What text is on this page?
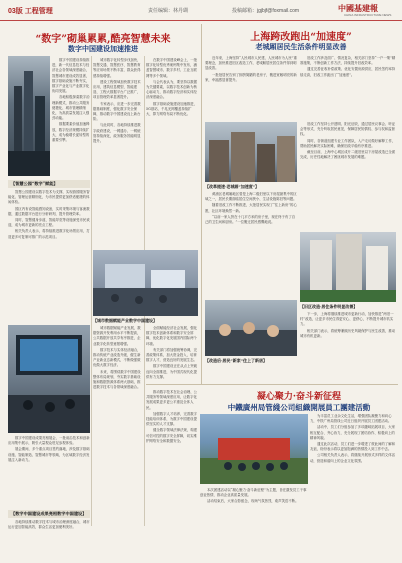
03版 工程管理	责任编辑：林丹瑚	投稿邮箱：jgjbjf@foxmail.com	中國基建報
CHINA INFRASTRUCTURE NEWS
“数字”砌巢累累,酷亮智慧未来
数字中国建设加速推进
上海跨改跑出“加速度”
老城厢居民生活条件明显改善

数字中国建设持续推进，新一代信息技术与经济社会各领域深度融合，智慧城市建设成效显著，数字基础设施不断夯实，数字产业化与产业数字化协同发展。

各地积极探索数字治理新模式，推动公共服务便捷化、城市管理精细化，为高质量发展注入强劲动能。

数据要素价值加速释放，数字经济规模持续扩大，成为稳增长促转型的重要引擎。

城市数字化转型步伐加快，智慧交通、智慧医疗、智慧教育等应用场景不断丰富，群众获得感持续增强。

建设工程领域加快数字技术应用，建筑信息模型、智能建造、工程大数据平台广泛推广，项目管理效率显著提升。

专家表示，应进一步完善数据基础制度，强化数字安全保障，推动数字中国建设迈上新台阶。

与此同时，各地持续推进数字政府建设，一网通办、一网统管持续深化，政务服务效能明显提升。

在数字中国建设峰会上，一批数字化转型优秀案例集中发布，涵盖智慧城市、数字乡村、工业互联网等多个领域。

与会代表认为，要坚持以数据为关键要素，以数字技术创新为核心驱动力，推动数字经济和实体经济深度融合。

数字基础设施建设加速推进，5G基站、千兆光网覆盖持续扩大，算力网络布局不断优化。

【智慧公园“数字”赋能】

智慧公园建设以数字技术为支撑，实现游园服务智能化、管理运营精细化，为市民提供更加舒适便捷的休闲体验。

园区内布设智能感知设备，实时采集环境与客流数据，通过数据平台进行分析研判，提升管理效率。

同时，智慧健身步道、智能导览等设施深受市民欢迎，成为城市更新的亮点工程。

相关负责人表示，将持续推进数字化场景应用，打造更多可复制可推广的示范项目。

【城市数据赋能产业数字中国建设】

城市数据赋能产业发展，数据资源开发利用水平不断提高，公共数据开放共享有序推进，企业数字化转型意愿增强。

数字技术与实体经济融合，推动传统产业改造升级，催生新产业新业态新模式，不断做强做优做大数字经济。

未来，将围绕数字中国建设整体布局规划，夯实数字基础设施和数据资源体系两大基础，推进数字技术与各领域深度融合。

全面赋能经济社会发展，强化数字技术创新体系和数字安全屏障，优化数字化发展国内国际两个环境。

有关部门将加强统筹协调，完善政策体系，加大资金投入，培育数字人才，营造良好的发展生态。

数字中国建设正在从点上突破迈向全面推进，为中国式现代化提供有力支撑。

数字中国建设成果亮相展会，一批前沿技术和创新应用集中展示，吸引大量观众驻足参观体验。

展会期间，多个重点项目签约落地，涉及数字基础设施、智能制造、智慧城市等领域，为区域数字经济发展注入新动力。

【数字中国建设成果亮相数字中国建设】

各地持续推动数字技术与城市治理深度融合，城市运行更加智能高效，群众生活更加便利美好。

近年来，上海坚持“人民城市人民建，人民城市为人民”重要理念，加快推进旧区改造工作，老城厢居民居住条件得到明显改善。

一批批居民告别了拥挤简陋的老房子，搬进宽敞明亮的新家，幸福感显著提升。

旧改工作涉及面广、情况复杂，相关部门坚持“一户一策”精准施策，不断创新工作方法，持续提升旧改效率。

通过完善征收补偿政策、优化安置房源供应，居民签约率持续走高，旧改工作跑出了“加速度”。

【改革提速·老城厢“加速度”】

黄浦区老城厢地区曾是上海二级旧里以下房屋最集中的区域之一，居民长期面临居住空间狭小、生活设施陈旧等问题。

随着旧改工作不断推进，大批居民实现了“住上新房”的心愿，社区环境焕然一新。

“以前一家人挤在十几平方米的房子里，现在终于有了自己的卫生间和厨房。”一位搬迁居民感慨地说。

旧改工作坚持公开透明、阳光征收，通过居民议事会、听证会等形式，充分听取居民意见，保障居民知情权、参与权和监督权。

同时，各街道组建专业工作团队，入户走访做好解释工作，帮助居民解决实际困难，确保旧改平稳有序推进。

截至目前，上海中心城区成片二级旧里以下房屋改造已全面完成，历史性地解决了困扰城市发展的难题。

【旧区改造·居住条件明显改善】
【改造后·居民“新家”住上了新居】

下一步，上海将继续推进城市更新行动，加快推进“两旧一村”改造，让更多市民住得更安心、更舒心，不断提升城市软实力。

相关部门表示，将统筹兼顾历史风貌保护与民生改善，推动城市有机更新。

凝心聚力·奋斗新征程
中鐵廣州局管綫公司組織開展員工團建活動

为丰富员工业余文化生活，增强团队凝聚力和向心力，中铁广州局管线公司近日组织开展员工团建活动。

活动中，员工们分组参加了多项趣味拓展项目，大家相互配合、齐心协力，充分展现了团结协作、积极向上的精神风貌。

通过此次活动，员工们进一步增进了彼此间的了解和友谊，纷纷表示将以更加饱满的热情投入到工作中去。

公司相关负责人表示，将继续开展形式多样的文体活动，营造和谐向上的企业文化氛围。

本次团建活动以“凝心聚力·奋斗新征程”为主题，旨在激发员工干事创业热情，推动企业高质量发展。

活动结束后，大家合影留念，现场气氛热烈，欢声笑语不断。

推动数字技术在社会治理、公共服务等领域深度应用，让数字化发展成果更多更公平惠及全体人民。

加强数字人才培养，完善数字技能培训体系，为数字中国建设提供坚实的人才支撑。

健全数字领域法律法规，构建可信可控的数字安全屏障，切实维护网络安全和数据安全。
